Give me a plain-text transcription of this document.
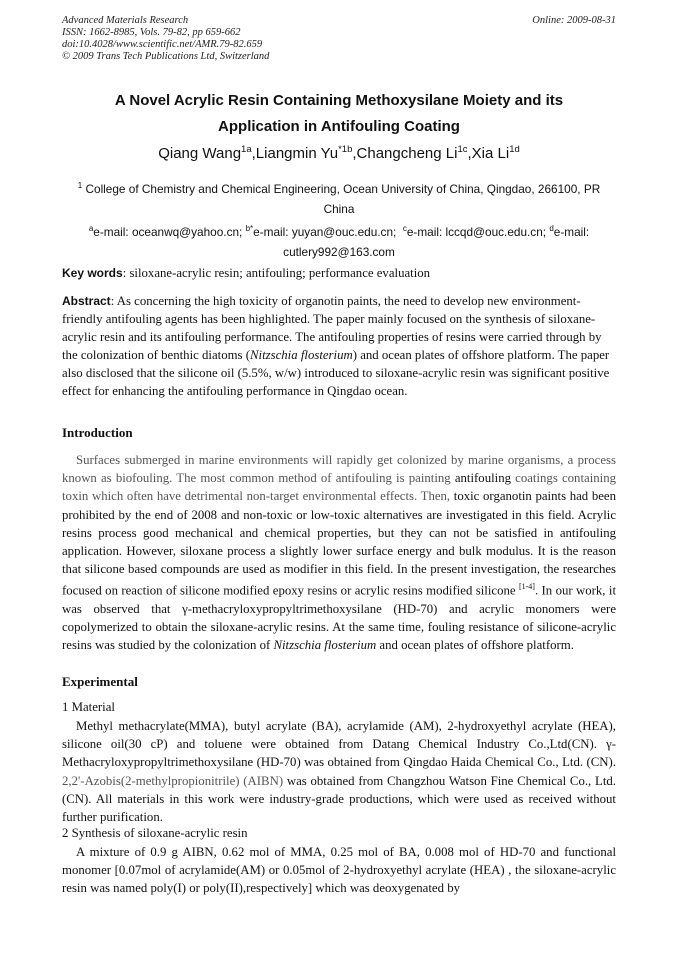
Advanced Materials Research
ISSN: 1662-8985, Vols. 79-82, pp 659-662
doi:10.4028/www.scientific.net/AMR.79-82.659
© 2009 Trans Tech Publications Ltd, Switzerland
Online: 2009-08-31
A Novel Acrylic Resin Containing Methoxysilane Moiety and its
Application in Antifouling Coating
Qiang Wang$^{1a}$,Liangmin $Yu^{*1b},Changcheng$ $Li^{1c},Xia$ $Li^{1d}$
$^1$ College of Chemistry and Chemical Engineering, Ocean University of China, Qingdao, 266100, PR China
$^a$e-mail: oceanwq@yahoo.cn; $^{b*}$e-mail: yuyan@ouc.edu.cn; $^c$e-mail: lccqd@ouc.edu.cn; $^d$e-mail: cutlery992@163.com
Key words: siloxane-acrylic resin; antifouling; performance evaluation
Abstract: As concerning the high toxicity of organotin paints, the need to develop new environment-friendly antifouling agents has been highlighted. The paper mainly focused on the synthesis of siloxane-acrylic resin and its antifouling performance. The antifouling properties of resins were carried through by the colonization of benthic diatoms (Nitzschia flosterium) and ocean plates of offshore platform. The paper also disclosed that the silicone oil (5.5%, w/w) introduced to siloxane-acrylic resin was significant positive effect for enhancing the antifouling performance in Qingdao ocean.
Introduction
Surfaces submerged in marine environments will rapidly get colonized by marine organisms, a process known as biofouling. The most common method of antifouling is painting antifouling coatings containing toxin which often have detrimental non-target environmental effects. Then, toxic organotin paints had been prohibited by the end of 2008 and non-toxic or low-toxic alternatives are investigated in this field. Acrylic resins process good mechanical and chemical properties, but they can not be satisfied in antifouling application. However, siloxane process a slightly lower surface energy and bulk modulus. It is the reason that silicone based compounds are used as modifier in this field. In the present investigation, the researches focused on reaction of silicone modified epoxy resins or acrylic resins modified silicone [1-4]. In our work, it was observed that γ-methacryloxypropyltrimethoxysilane (HD-70) and acrylic monomers were copolymerized to obtain the siloxane-acrylic resins. At the same time, fouling resistance of silicone-acrylic resins was studied by the colonization of Nitzschia flosterium and ocean plates of offshore platform.
Experimental
1 Material
Methyl methacrylate(MMA), butyl acrylate (BA), acrylamide (AM), 2-hydroxyethyl acrylate (HEA), silicone oil(30 cP) and toluene were obtained from Datang Chemical Industry Co.,Ltd(CN). γ-Methacryloxypropyltrimethoxysilane (HD-70) was obtained from Qingdao Haida Chemical Co., Ltd. (CN). 2,2'-Azobis(2-methylpropionitrile) (AIBN) was obtained from Changzhou Watson Fine Chemical Co., Ltd. (CN). All materials in this work were industry-grade productions, which were used as received without further purification.
2 Synthesis of siloxane-acrylic resin
A mixture of 0.9 g AIBN, 0.62 mol of MMA, 0.25 mol of BA, 0.008 mol of HD-70 and functional monomer [0.07mol of acrylamide(AM) or 0.05mol of 2-hydroxyethyl acrylate (HEA) , the siloxane-acrylic resin was named poly(I) or poly(II),respectively] which was deoxygenated by
